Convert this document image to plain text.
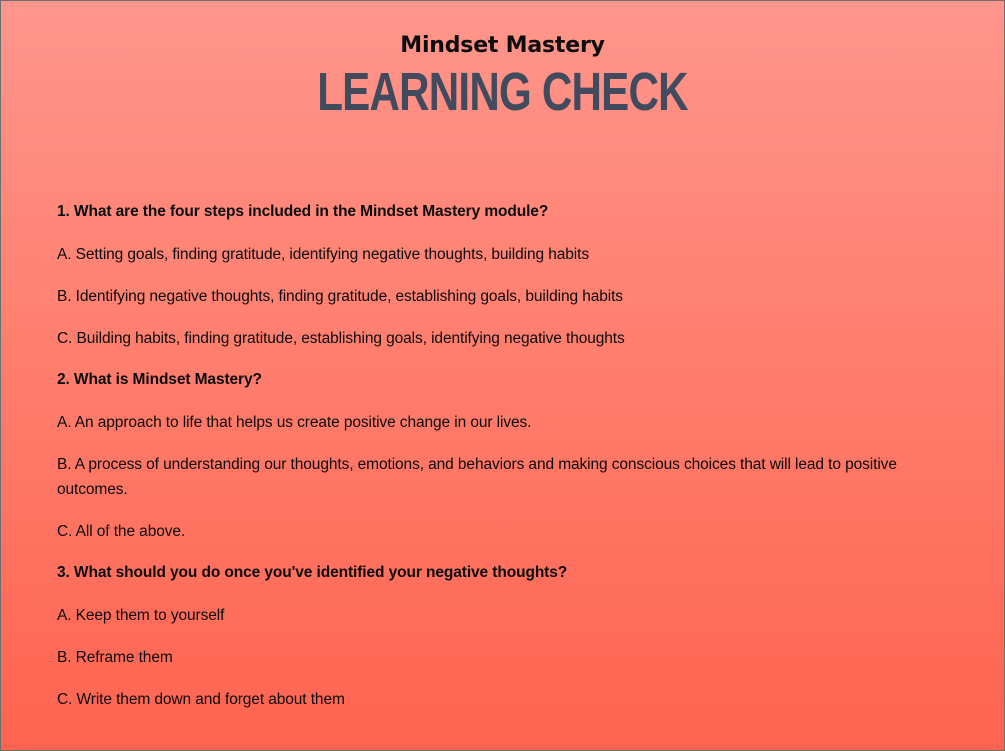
Mindset Mastery
LEARNING CHECK
1. What are the four steps included in the Mindset Mastery module?
A. Setting goals, finding gratitude, identifying negative thoughts, building habits
B. Identifying negative thoughts, finding gratitude, establishing goals, building habits
C. Building habits, finding gratitude, establishing goals, identifying negative thoughts
2. What is Mindset Mastery?
A. An approach to life that helps us create positive change in our lives.
B. A process of understanding our thoughts, emotions, and behaviors and making conscious choices that will lead to positive outcomes.
C. All of the above.
3. What should you do once you've identified your negative thoughts?
A. Keep them to yourself
B. Reframe them
C. Write them down and forget about them
